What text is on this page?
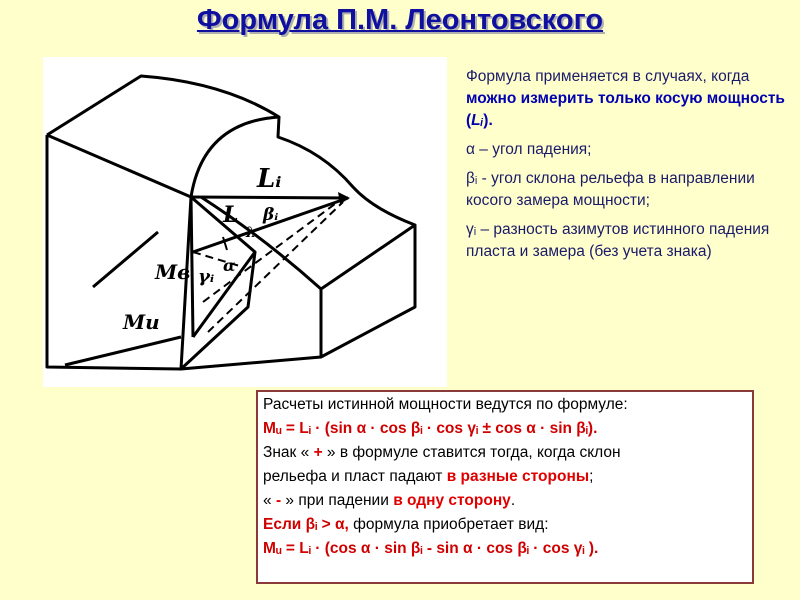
Формула П.М. Леонтовского
Lᵢ
L βᵢ
λ
Mв γᵢ
α
Mи

Формула применяется в случаях, когда можно измерить только косую мощность (Lᵢ).

α – угол падения;

βᵢ - угол склона рельефа в направлении косого замера мощности;

γᵢ – разность азимутов истинного падения пласта и замера (без учета знака)

Расчеты истинной мощности ведутся по формуле:
Mᵤ = Lᵢ · (sin α · cos βᵢ · cos γᵢ ± cos α · sin βᵢ).
Знак « + » в формуле ставится тогда, когда склон
рельефа и пласт падают в разные стороны;
« - » при падении в одну сторону.
Если βᵢ > α, формула приобретает вид:
Mᵤ = Lᵢ · (cos α · sin βᵢ - sin α · cos βᵢ · cos γᵢ ).
